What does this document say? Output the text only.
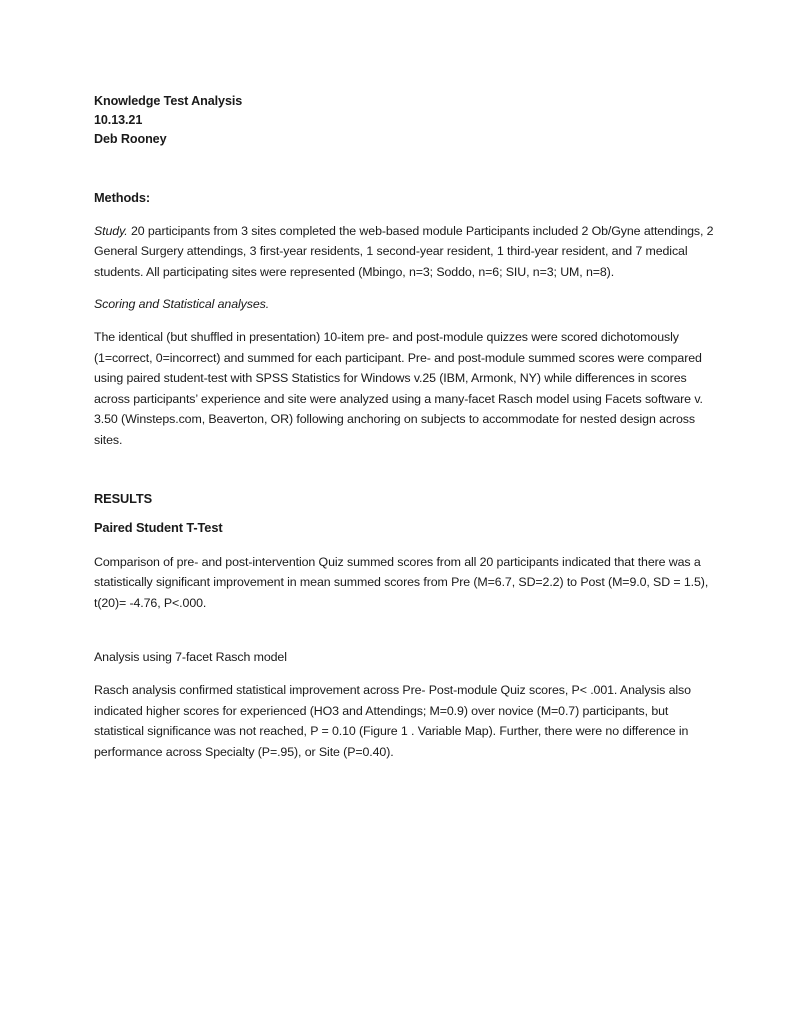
Knowledge Test Analysis

10.13.21

Deb Rooney

Methods:

Study. 20 participants from 3 sites completed the web-based module Participants included 2 Ob/Gyne attendings, 2 General Surgery attendings, 3 first-year residents, 1 second-year resident, 1 third-year resident, and 7 medical students. All participating sites were represented (Mbingo, n=3; Soddo, n=6; SIU, n=3; UM, n=8).

Scoring and Statistical analyses.

The identical (but shuffled in presentation) 10-item pre- and post-module quizzes were scored dichotomously (1=correct, 0=incorrect) and summed for each participant. Pre- and post-module summed scores were compared using paired student-test with SPSS Statistics for Windows v.25 (IBM, Armonk, NY) while differences in scores across participants’ experience and site were analyzed using a many-facet Rasch model using Facets software v. 3.50 (Winsteps.com, Beaverton, OR) following anchoring on subjects to accommodate for nested design across sites.

RESULTS

Paired Student T-Test

Comparison of pre- and post-intervention Quiz summed scores from all 20 participants indicated that there was a statistically significant improvement in mean summed scores from Pre (M=6.7, SD=2.2) to Post (M=9.0, SD = 1.5), t(20)= -4.76, P<.000.

Analysis using 7-facet Rasch model

Rasch analysis confirmed statistical improvement across Pre- Post-module Quiz scores, P< .001. Analysis also indicated higher scores for experienced (HO3 and Attendings; M=0.9) over novice (M=0.7) participants, but statistical significance was not reached, P = 0.10 (Figure 1 . Variable Map). Further, there were no difference in performance across Specialty (P=.95), or Site (P=0.40).
